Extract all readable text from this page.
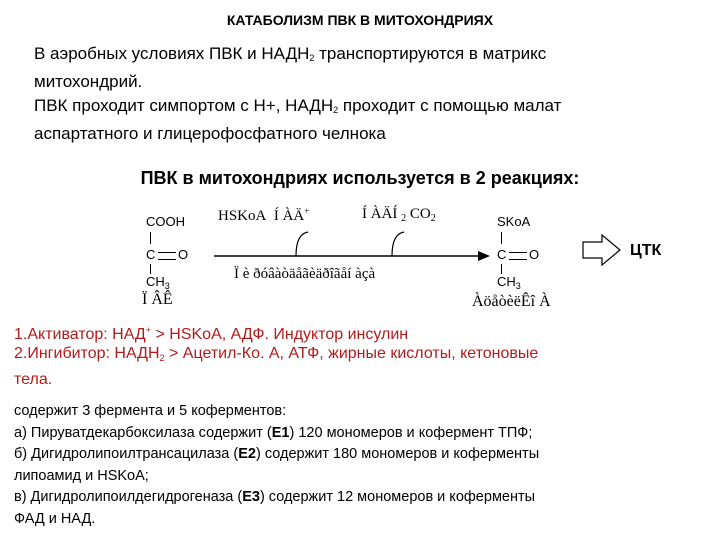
КАТАБОЛИЗМ ПВК В МИТОХОНДРИЯХ
В аэробных условиях ПВК и $НАДН_2$ транспортируются в матрикс
митохондрий.
ПВК проходит симпортом с Н+, $НАДН_2$ проходит с помощью малат
аспартатного и глицерофосфатного челнока
ПВК в митохондриях используется в 2 реакциях:
COOH
C O
$CH_3$
Ï ÂÊ
HSKoA Í ÀÄ+	Í ÀÄÍ $_2$ $CO_2$
Ï è ðóâàòäåãèäðîãåí àçà
SKoA
C O
$CH_3$
ÀöåòèëÊî À
ЦТК
1.Активатор: НАД+ > HSKoA, АДФ. Индуктор инсулин
2.Ингибитор: $НАДН_2$ > Ацетил-Ко. А, АТФ, жирные кислоты, кетоновые
тела.
содержит 3 фермента и 5 коферментов:
а) Пируватдекарбоксилаза содержит (Е1) 120 мономеров и кофермент ТПФ;
б) Дигидролипоилтрансацилаза (Е2) содержит 180 мономеров и коферменты
липоамид и HSKoA;
в) Дигидролипоилдегидрогеназа (Е3) содержит 12 мономеров и коферменты
ФАД и НАД.
